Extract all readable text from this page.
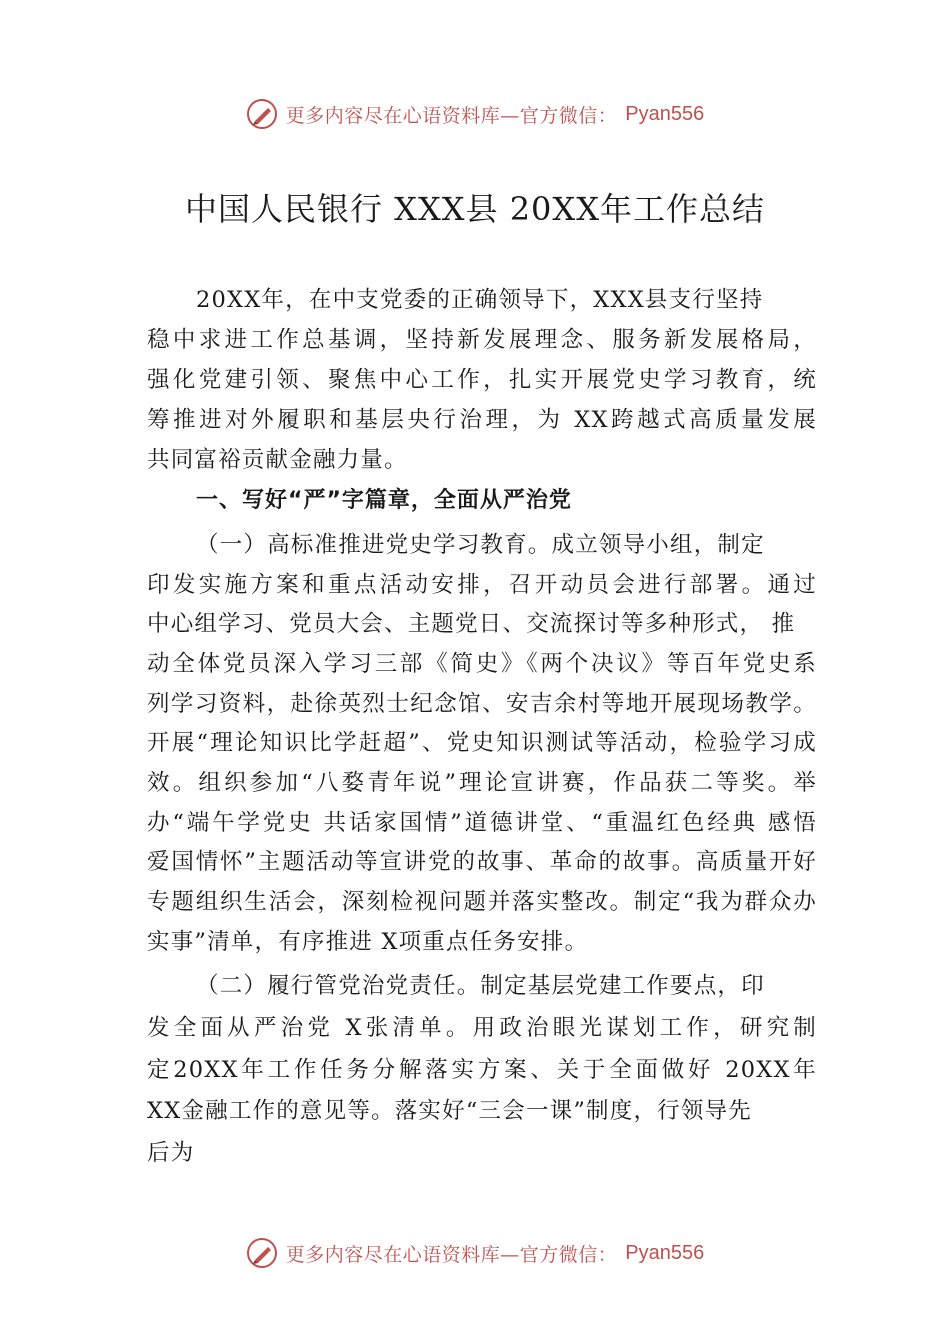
更多内容尽在心语资料库—官方微信： Pyan556
中国人民银行 XXX县 20XX年工作总结
20XX年，在中支党委的正确领导下，XXX县支行坚持
稳中求进工作总基调，坚持新发展理念、服务新发展格局，
强化党建引领、聚焦中心工作，扎实开展党史学习教育，统
筹推进对外履职和基层央行治理，为 XX跨越式高质量发展
共同富裕贡献金融力量。
一、写好“严”字篇章，全面从严治党
（一）高标准推进党史学习教育。成立领导小组，制定
印发实施方案和重点活动安排，召开动员会进行部署。通过
中心组学习、党员大会、主题党日、交流探讨等多种形式， 推
动全体党员深入学习三部《简史》《两个决议》等百年党史系
列学习资料，赴徐英烈士纪念馆、安吉余村等地开展现场教学。
开展“理论知识比学赶超”、党史知识测试等活动，检验学习成
效。组织参加“八婺青年说”理论宣讲赛，作品获二等奖。举
办“端午学党史 共话家国情”道德讲堂、“重温红色经典 感悟
爱国情怀”主题活动等宣讲党的故事、革命的故事。高质量开好
专题组织生活会，深刻检视问题并落实整改。制定“我为群众办
实事”清单，有序推进 X项重点任务安排。
（二）履行管党治党责任。制定基层党建工作要点，印
发全面从严治党 X张清单。用政治眼光谋划工作，研究制
定20XX年工作任务分解落实方案、关于全面做好 20XX年
XX金融工作的意见等。落实好“三会一课”制度，行领导先
后为
更多内容尽在心语资料库—官方微信： Pyan556
